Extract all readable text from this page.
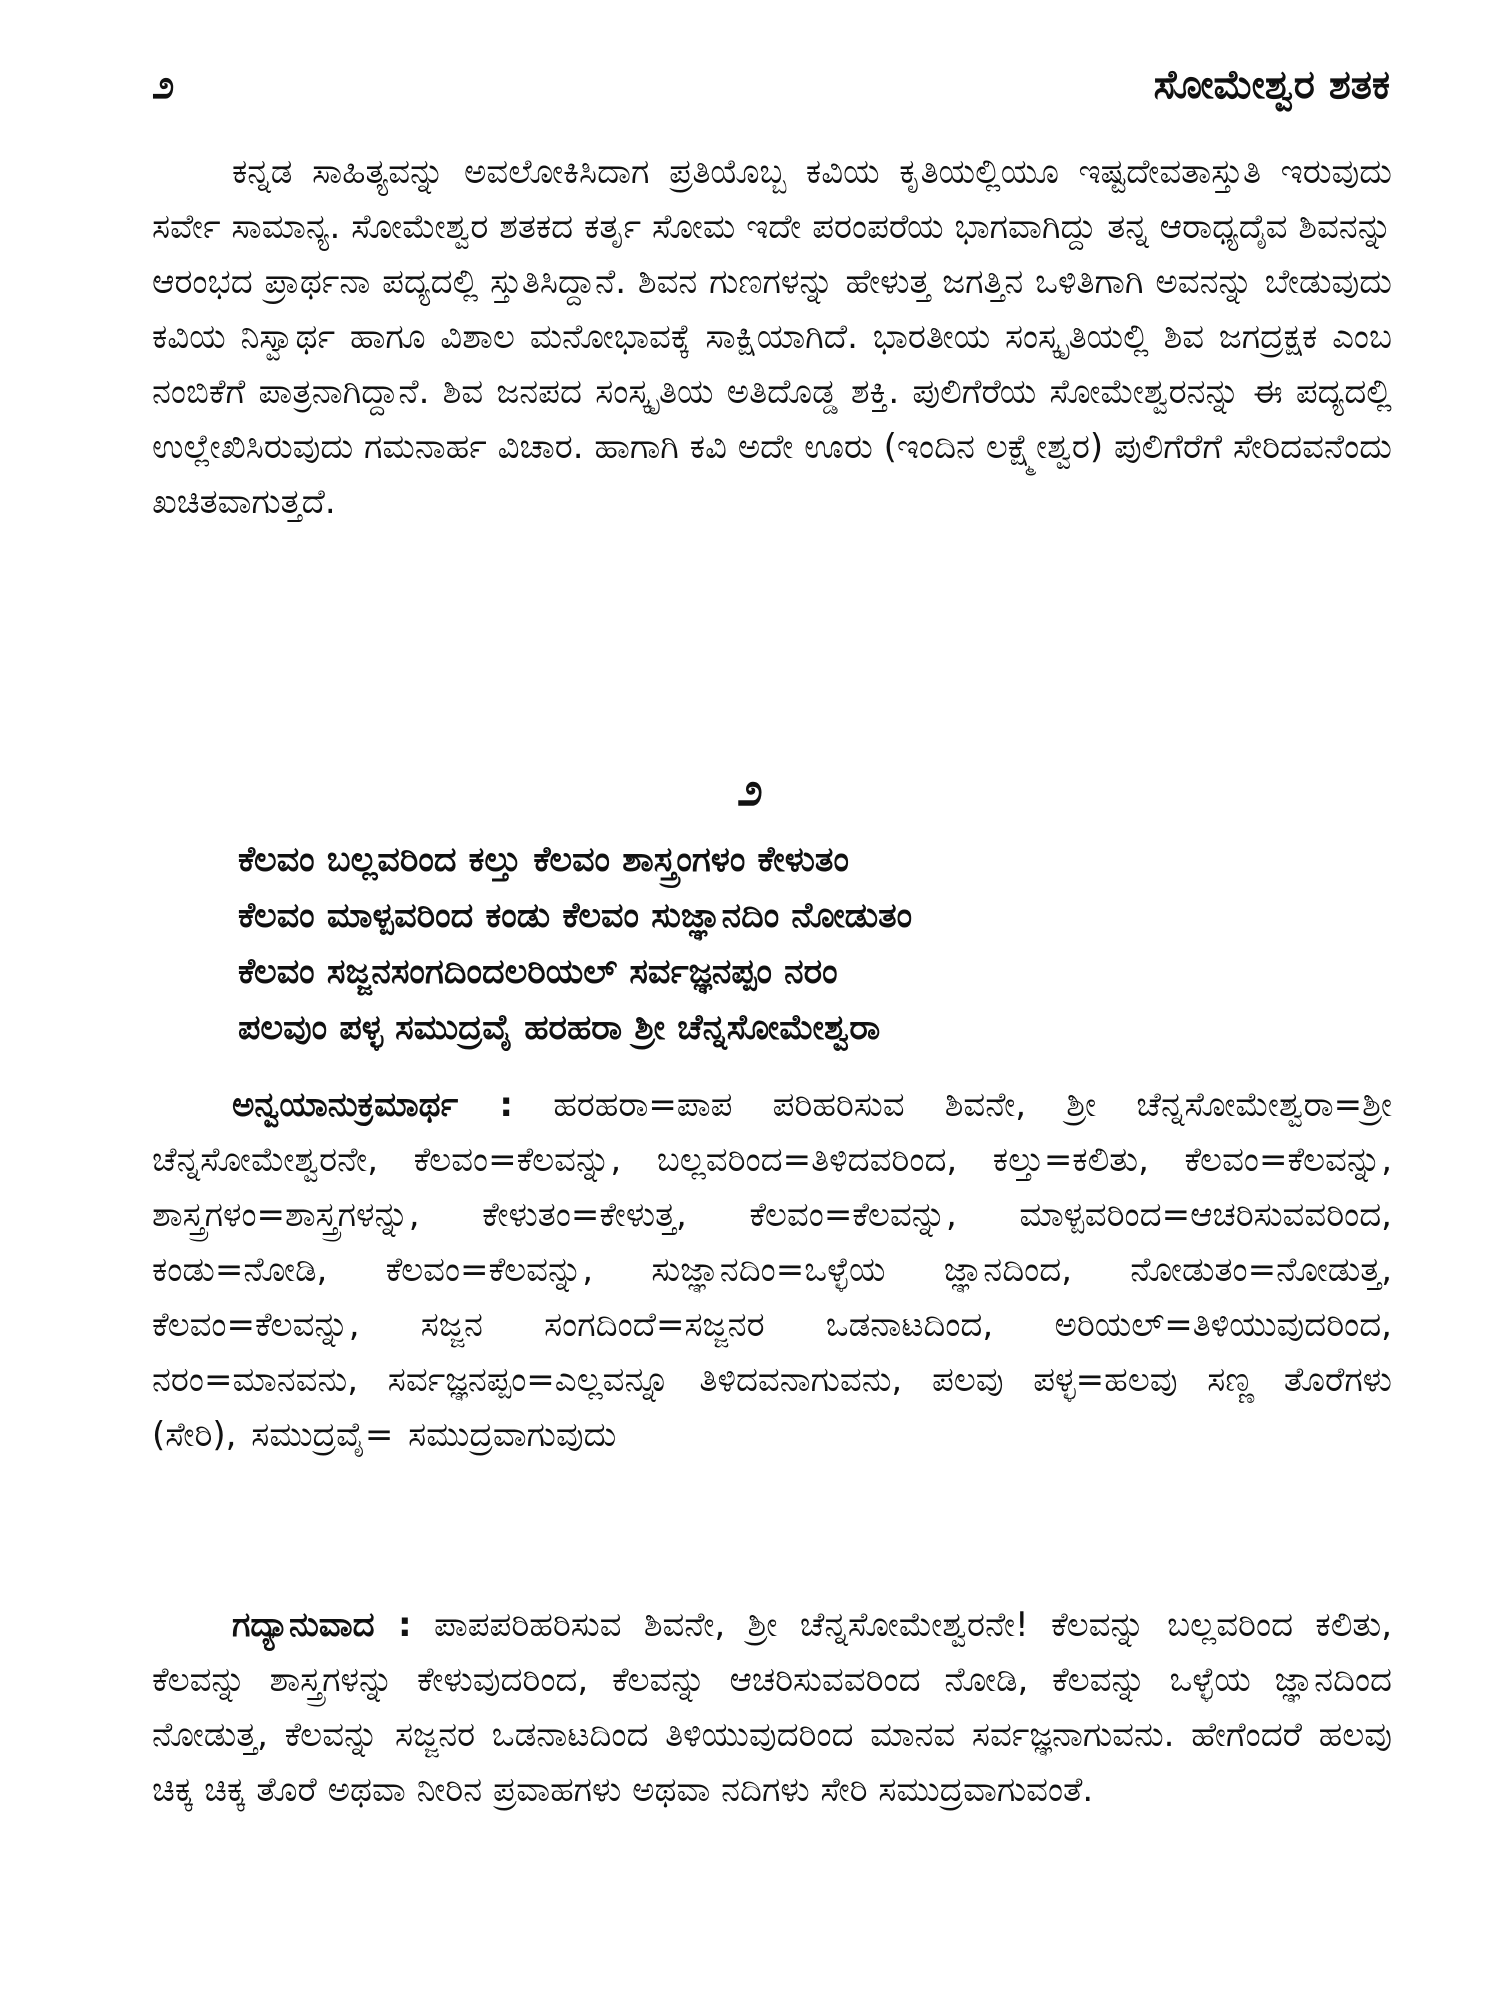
೨	ಸೋಮೇಶ್ವರ ಶತಕ

ಕನ್ನಡ ಸಾಹಿತ್ಯವನ್ನು ಅವಲೋಕಿಸಿದಾಗ ಪ್ರತಿಯೊಬ್ಬ ಕವಿಯ ಕೃತಿಯಲ್ಲಿಯೂ ಇಷ್ಟದೇವತಾಸ್ತುತಿ ಇರುವುದು ಸರ್ವೇ ಸಾಮಾನ್ಯ. ಸೋಮೇಶ್ವರ ಶತಕದ ಕರ್ತೃ ಸೋಮ ಇದೇ ಪರಂಪರೆಯ ಭಾಗವಾಗಿದ್ದು ತನ್ನ ಆರಾಧ್ಯದೈವ ಶಿವನನ್ನು ಆರಂಭದ ಪ್ರಾರ್ಥನಾ ಪದ್ಯದಲ್ಲಿ ಸ್ತುತಿಸಿದ್ದಾನೆ. ಶಿವನ ಗುಣಗಳನ್ನು ಹೇಳುತ್ತ ಜಗತ್ತಿನ ಒಳಿತಿಗಾಗಿ ಅವನನ್ನು ಬೇಡುವುದು ಕವಿಯ ನಿಸ್ವಾರ್ಥ ಹಾಗೂ ವಿಶಾಲ ಮನೋಭಾವಕ್ಕೆ ಸಾಕ್ಷಿಯಾಗಿದೆ. ಭಾರತೀಯ ಸಂಸ್ಕೃತಿಯಲ್ಲಿ ಶಿವ ಜಗದ್ರಕ್ಷಕ ಎಂಬ ನಂಬಿಕೆಗೆ ಪಾತ್ರನಾಗಿದ್ದಾನೆ. ಶಿವ ಜನಪದ ಸಂಸ್ಕೃತಿಯ ಅತಿದೊಡ್ಡ ಶಕ್ತಿ. ಪುಲಿಗೆರೆಯ ಸೋಮೇಶ್ವರನನ್ನು ಈ ಪದ್ಯದಲ್ಲಿ ಉಲ್ಲೇಖಿಸಿರುವುದು ಗಮನಾರ್ಹ ವಿಚಾರ. ಹಾಗಾಗಿ ಕವಿ ಅದೇ ಊರು (ಇಂದಿನ ಲಕ್ಷ್ಮೇಶ್ವರ) ಪುಲಿಗೆರೆಗೆ ಸೇರಿದವನೆಂದು ಖಚಿತವಾಗುತ್ತದೆ.

೨
ಕೆಲವಂ ಬಲ್ಲವರಿಂದ ಕಲ್ತು ಕೆಲವಂ ಶಾಸ್ತ್ರಂಗಳಂ ಕೇಳುತಂ
ಕೆಲವಂ ಮಾಳ್ಪವರಿಂದ ಕಂಡು ಕೆಲವಂ ಸುಜ್ಞಾನದಿಂ ನೋಡುತಂ
ಕೆಲವಂ ಸಜ್ಜನಸಂಗದಿಂದಲರಿಯಲ್ ಸರ್ವಜ್ಞನಪ್ಪಂ ನರಂ
ಪಲವುಂ ಪಳ್ಳ ಸಮುದ್ರವೈ ಹರಹರಾ ಶ್ರೀ ಚೆನ್ನಸೋಮೇಶ್ವರಾ

ಅನ್ವಯಾನುಕ್ರಮಾರ್ಥ : ಹರಹರಾ=ಪಾಪ ಪರಿಹರಿಸುವ ಶಿವನೇ, ಶ್ರೀ ಚೆನ್ನಸೋಮೇಶ್ವರಾ=ಶ್ರೀ ಚೆನ್ನಸೋಮೇಶ್ವರನೇ, ಕೆಲವಂ=ಕೆಲವನ್ನು, ಬಲ್ಲವರಿಂದ=ತಿಳಿದವರಿಂದ, ಕಲ್ತು=ಕಲಿತು, ಕೆಲವಂ=ಕೆಲವನ್ನು, ಶಾಸ್ತ್ರಗಳಂ=ಶಾಸ್ತ್ರಗಳನ್ನು, ಕೇಳುತಂ=ಕೇಳುತ್ತ, ಕೆಲವಂ=ಕೆಲವನ್ನು, ಮಾಳ್ಪವರಿಂದ=ಆಚರಿಸುವವರಿಂದ, ಕಂಡು=ನೋಡಿ, ಕೆಲವಂ=ಕೆಲವನ್ನು, ಸುಜ್ಞಾನದಿಂ=ಒಳ್ಳೆಯ ಜ್ಞಾನದಿಂದ, ನೋಡುತಂ=ನೋಡುತ್ತ, ಕೆಲವಂ=ಕೆಲವನ್ನು, ಸಜ್ಜನ ಸಂಗದಿಂದೆ=ಸಜ್ಜನರ ಒಡನಾಟದಿಂದ, ಅರಿಯಲ್=ತಿಳಿಯುವುದರಿಂದ, ನರಂ=ಮಾನವನು, ಸರ್ವಜ್ಞನಪ್ಪಂ=ಎಲ್ಲವನ್ನೂ ತಿಳಿದವನಾಗುವನು, ಪಲವು ಪಳ್ಳ=ಹಲವು ಸಣ್ಣ ತೊರೆಗಳು (ಸೇರಿ), ಸಮುದ್ರವೈ= ಸಮುದ್ರವಾಗುವುದು

ಗದ್ಯಾನುವಾದ : ಪಾಪಪರಿಹರಿಸುವ ಶಿವನೇ, ಶ್ರೀ ಚೆನ್ನಸೋಮೇಶ್ವರನೇ! ಕೆಲವನ್ನು ಬಲ್ಲವರಿಂದ ಕಲಿತು, ಕೆಲವನ್ನು ಶಾಸ್ತ್ರಗಳನ್ನು ಕೇಳುವುದರಿಂದ, ಕೆಲವನ್ನು ಆಚರಿಸುವವರಿಂದ ನೋಡಿ, ಕೆಲವನ್ನು ಒಳ್ಳೆಯ ಜ್ಞಾನದಿಂದ ನೋಡುತ್ತ, ಕೆಲವನ್ನು ಸಜ್ಜನರ ಒಡನಾಟದಿಂದ ತಿಳಿಯುವುದರಿಂದ ಮಾನವ ಸರ್ವಜ್ಞನಾಗುವನು. ಹೇಗೆಂದರೆ ಹಲವು ಚಿಕ್ಕ ಚಿಕ್ಕ ತೊರೆ ಅಥವಾ ನೀರಿನ ಪ್ರವಾಹಗಳು ಅಥವಾ ನದಿಗಳು ಸೇರಿ ಸಮುದ್ರವಾಗುವಂತೆ.
